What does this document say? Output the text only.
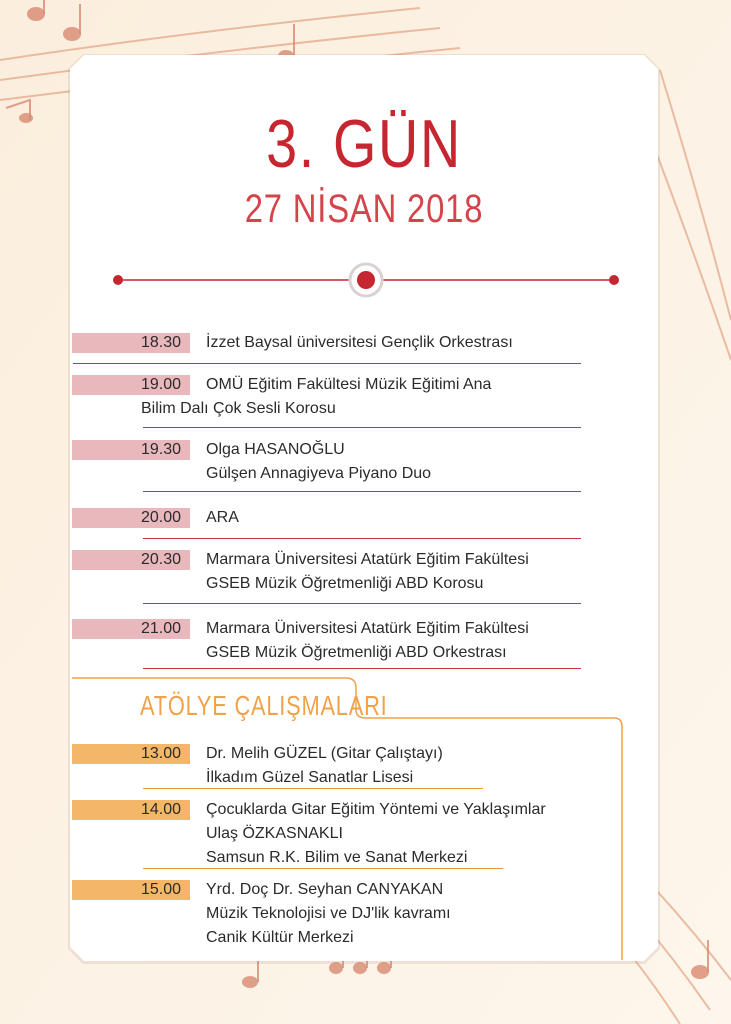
3. GÜN
27 NİSAN 2018
18.30 İzzet Baysal üniversitesi Gençlik Orkestrası
19.00 OMÜ Eğitim Fakültesi Müzik Eğitimi Ana
Bilim Dalı Çok Sesli Korosu
19.30 Olga HASANOĞLU
Gülşen Annagiyeva Piyano Duo
20.00 ARA
20.30 Marmara Üniversitesi Atatürk Eğitim Fakültesi
GSEB Müzik Öğretmenliği ABD Korosu
21.00 Marmara Üniversitesi Atatürk Eğitim Fakültesi
GSEB Müzik Öğretmenliği ABD Orkestrası
ATÖLYE ÇALIŞMALARI
13.00 Dr. Melih GÜZEL (Gitar Çalıştayı)
İlkadım Güzel Sanatlar Lisesi
14.00 Çocuklarda Gitar Eğitim Yöntemi ve Yaklaşımlar
Ulaş ÖZKASNAKLI
Samsun R.K. Bilim ve Sanat Merkezi
15.00 Yrd. Doç Dr. Seyhan CANYAKAN
Müzik Teknolojisi ve DJ'lik kavramı
Canik Kültür Merkezi
